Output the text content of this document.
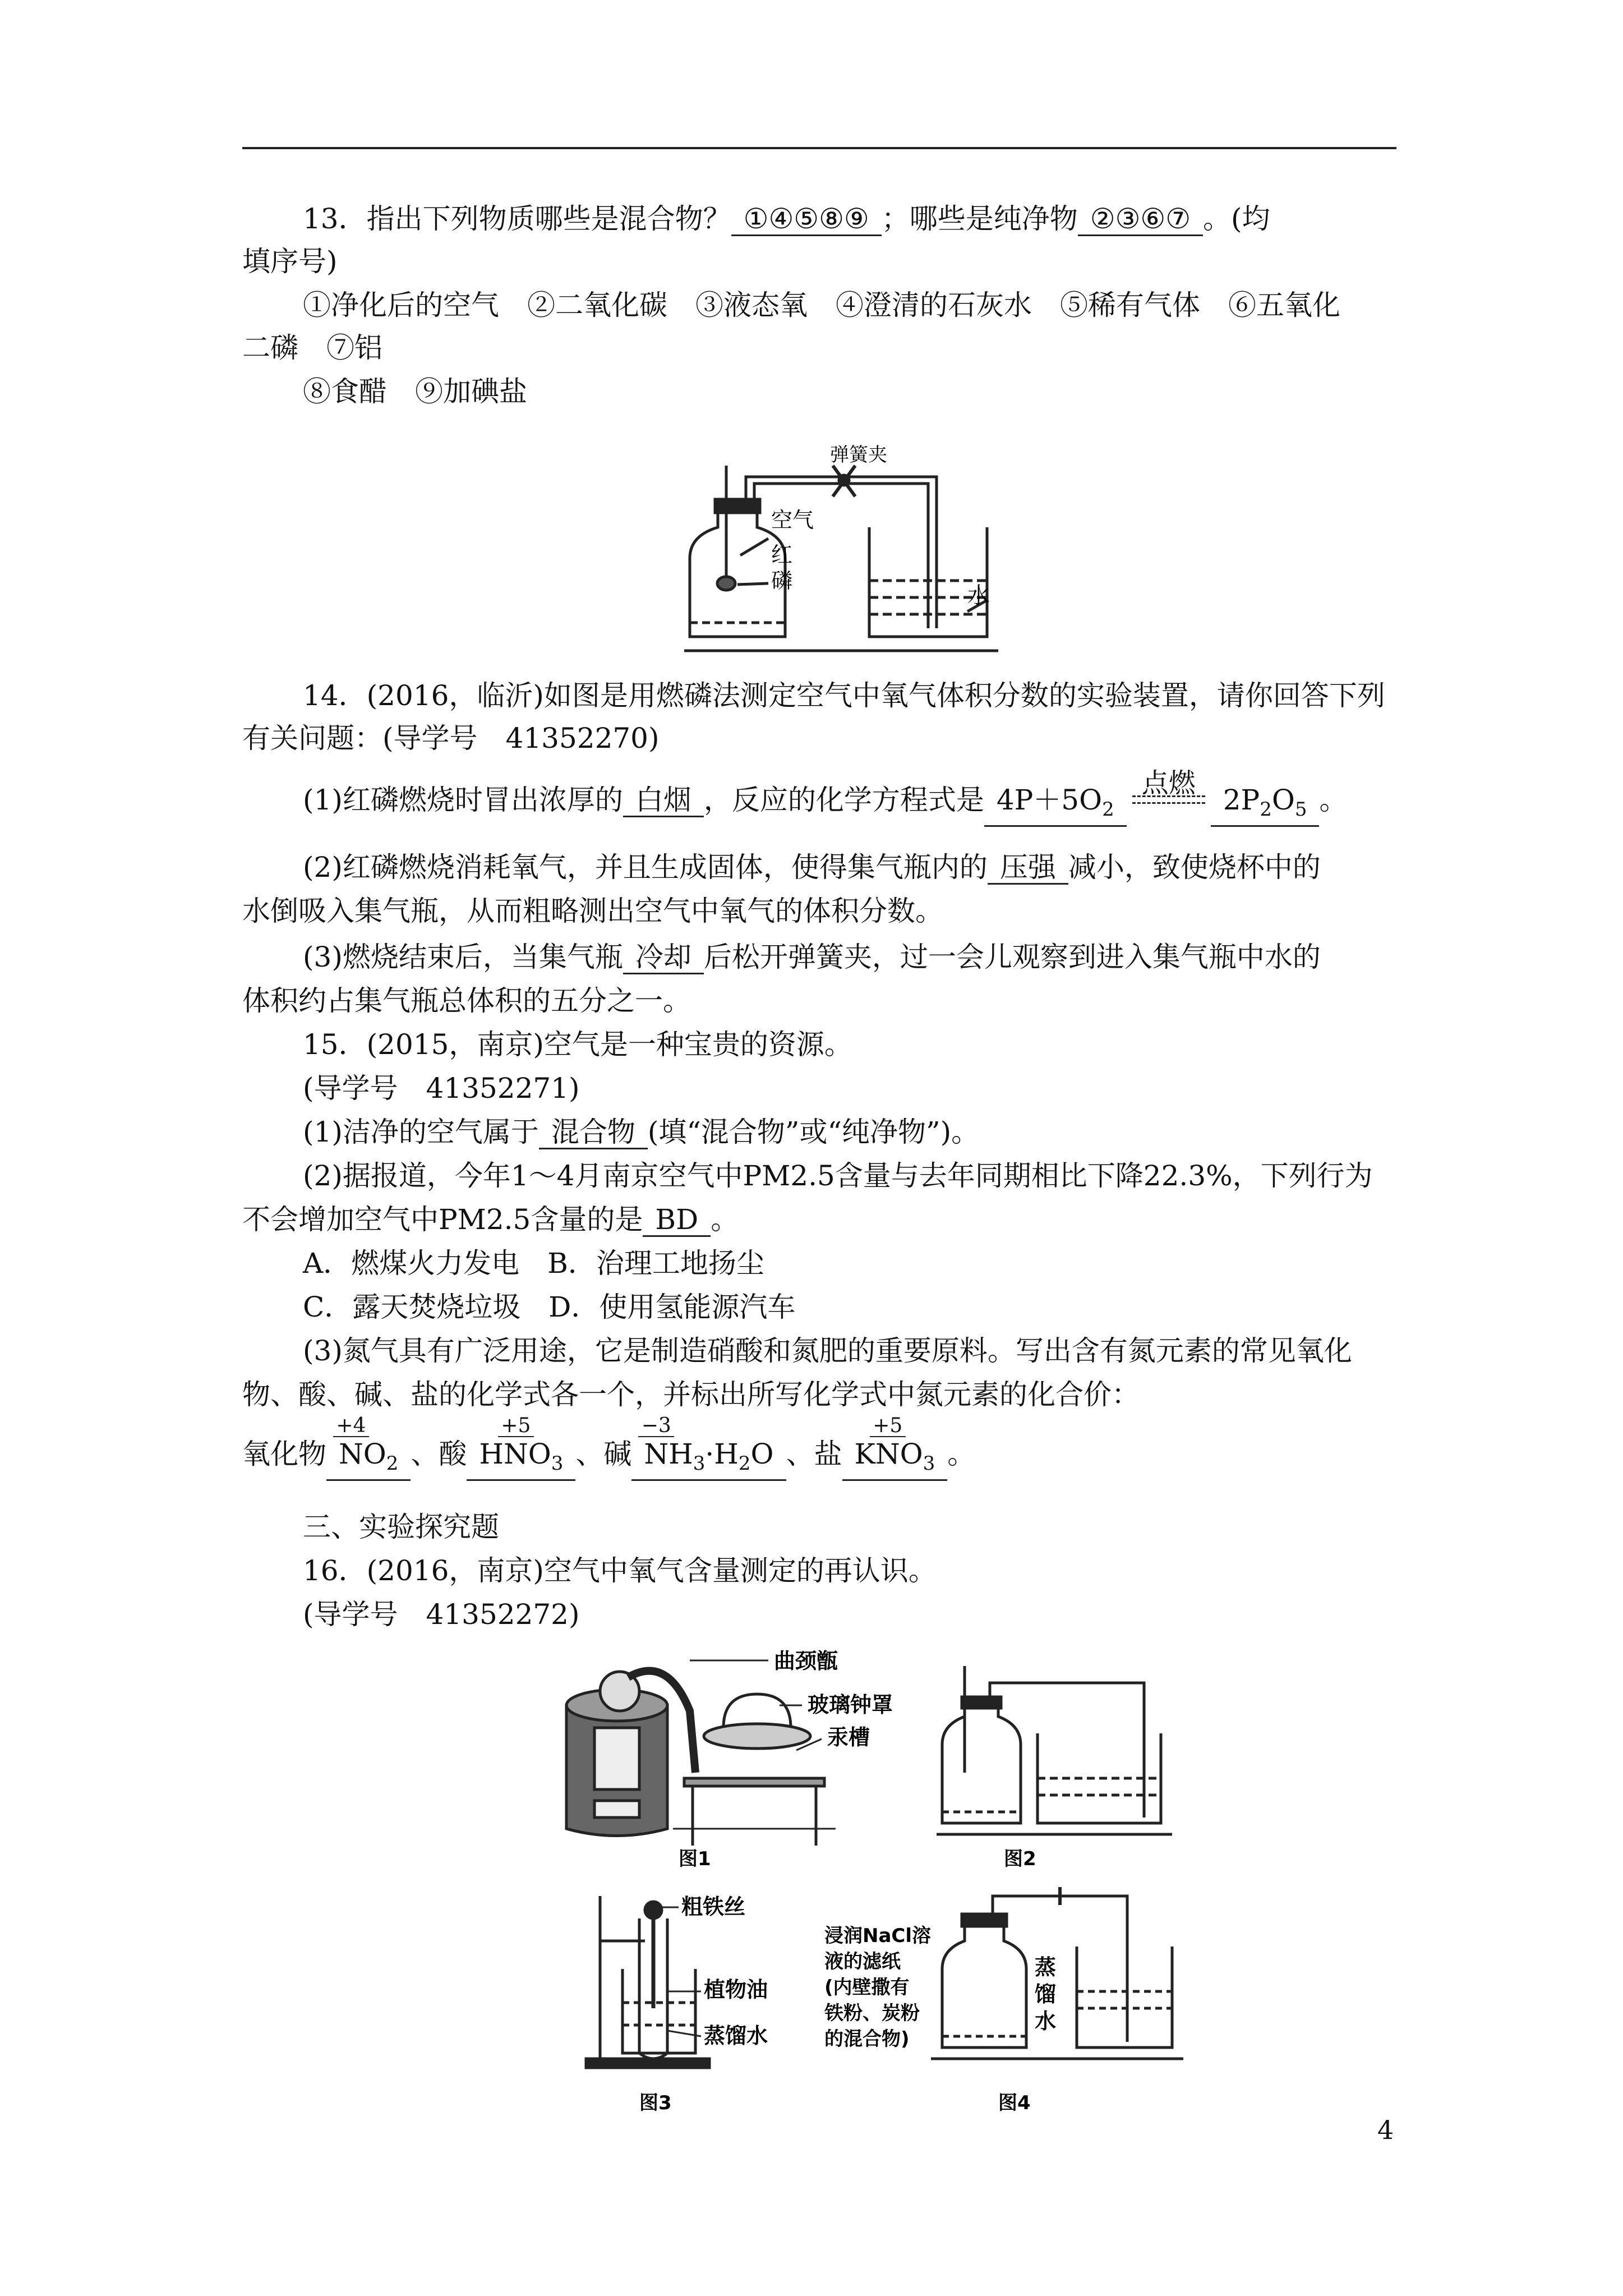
13．指出下列物质哪些是混合物？ ①④⑤⑧⑨ ；哪些是纯净物 ②③⑥⑦ 。(均
填序号)
①净化后的空气　②二氧化碳　③液态氧　④澄清的石灰水　⑤稀有气体　⑥五氧化
二磷　⑦铝
⑧食醋　⑨加碘盐
弹簧夹
空气
红
磷
水
14．(2016，临沂)如图是用燃磷法测定空气中氧气体积分数的实验装置，请你回答下列
有关问题：(导学号　41352270)
(1)红磷燃烧时冒出浓厚的 白烟 ，反应的化学方程式是 $4P+5O_2$
点燃
$2P_2O_5$ 。
(2)红磷燃烧消耗氧气，并且生成固体，使得集气瓶内的 压强 减小，致使烧杯中的
水倒吸入集气瓶，从而粗略测出空气中氧气的体积分数。
(3)燃烧结束后，当集气瓶 冷却 后松开弹簧夹，过一会儿观察到进入集气瓶中水的
体积约占集气瓶总体积的五分之一。
15．(2015，南京)空气是一种宝贵的资源。
(导学号　41352271)
(1)洁净的空气属于 混合物 (填“混合物”或“纯净物”)。
(2)据报道，今年1～4月南京空气中PM2.5含量与去年同期相比下降22.3%，下列行为
不会增加空气中PM2.5含量的是 BD 。
A．燃煤火力发电　B．治理工地扬尘
C．露天焚烧垃圾　D．使用氢能源汽车
(3)氮气具有广泛用途，它是制造硝酸和氮肥的重要原料。写出含有氮元素的常见氧化
物、酸、碱、盐的化学式各一个，并标出所写化学式中氮元素的化合价：
氧化物
+4
$NO_2$ 、酸 H
+5
$NO_3$ 、碱
−3
$NH_3\cdot H_2O$ 、盐 K
+5
$NO_3$ 。
三、实验探究题
16．(2016，南京)空气中氧气含量测定的再认识。
(导学号　41352272)
曲颈甑
玻璃钟罩
汞槽
图1	图2
粗铁丝
植物油
蒸馏水
图3
浸润NaCl溶
液的滤纸
(内壁撒有
铁粉、炭粉
的混合物)
蒸
馏
水
图4
4
